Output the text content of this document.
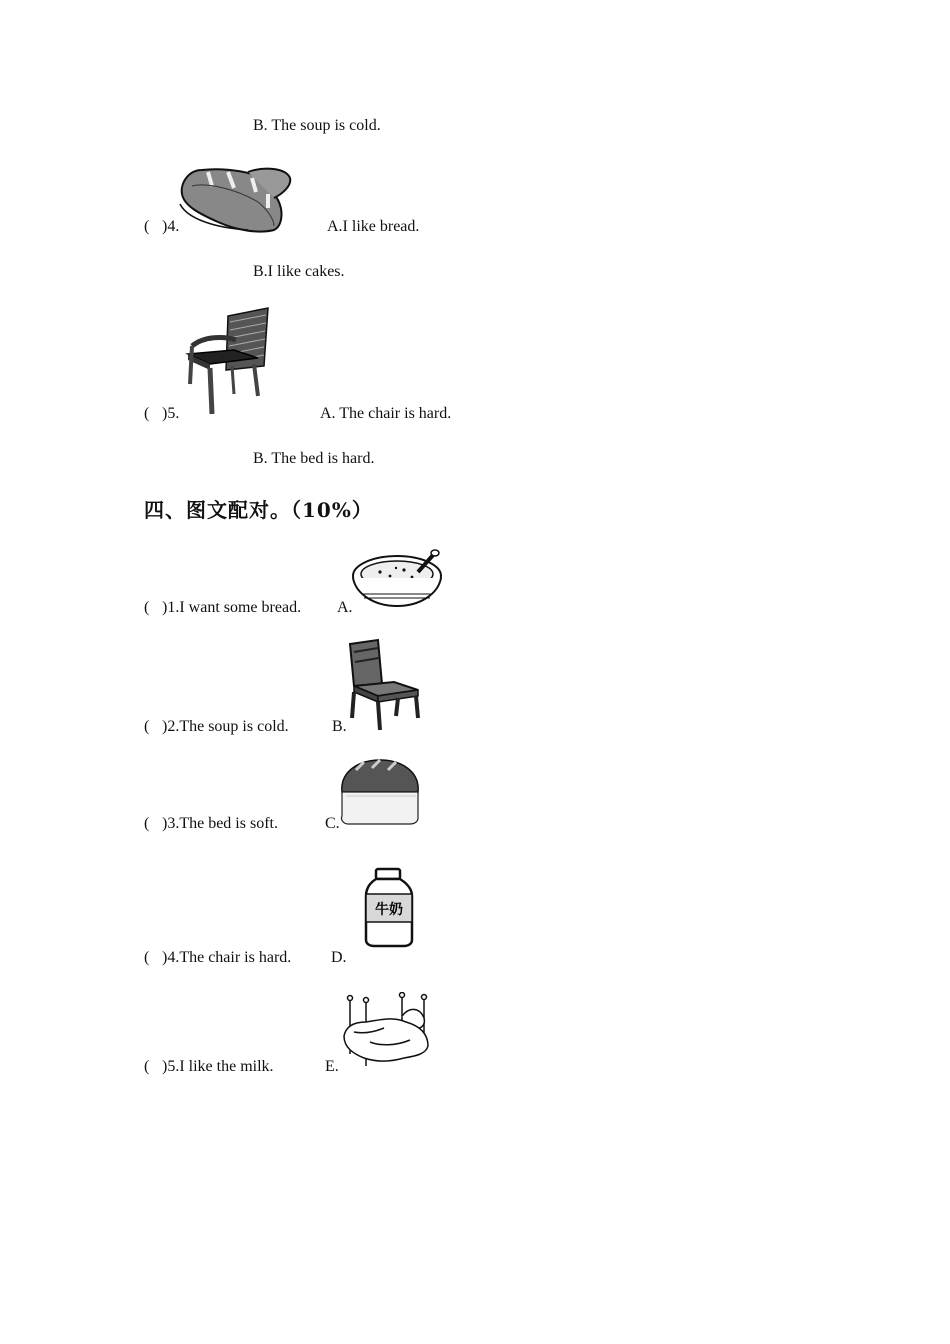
B. The soup is cold.
( )4.	A.I like bread.
B.I like cakes.
( )5.	A. The chair is hard.
B. The bed is hard.
四、图文配对。（10%）
( )1.I want some bread. A.
( )2.The soup is cold.	B.
( )3.The bed is soft.	C.
( )4.The chair is hard. D.
牛奶
( )5.I like the milk.	E.
